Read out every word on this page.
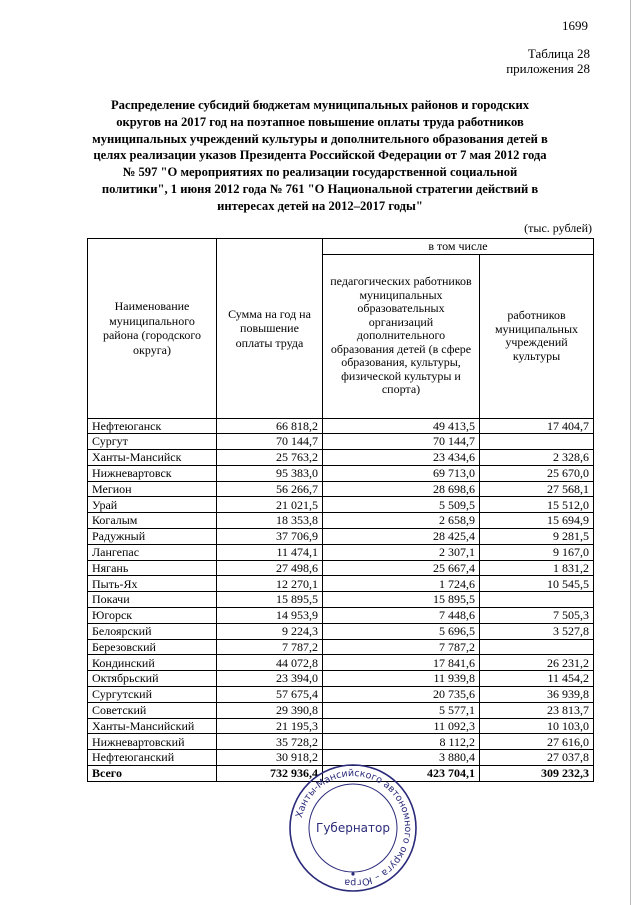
1699
Таблица 28
приложения 28
Распределение субсидий бюджетам муниципальных районов и городских округов на 2017 год на поэтапное повышение оплаты труда работников муниципальных учреждений культуры и дополнительного образования детей в целях реализации указов Президента Российской Федерации от 7 мая 2012 года № 597 "О мероприятиях по реализации государственной социальной политики", 1 июня 2012 года № 761 "О Национальной стратегии действий в интересах детей на 2012–2017 годы"
(тыс. рублей)
Наименование муниципального района (городского округа)	Сумма на год на повышение оплаты труда	в том числе	
		педагогических работников муниципальных образовательных организаций дополнительного образования детей (в сфере образования, культуры, физической культуры и спорта)	работников муниципальных учреждений культуры
Нефтеюганск	66 818,2	49 413,5	17 404,7
Сургут	70 144,7	70 144,7	
Ханты-Мансийск	25 763,2	23 434,6	2 328,6
Нижневартовск	95 383,0	69 713,0	25 670,0
Мегион	56 266,7	28 698,6	27 568,1
Урай	21 021,5	5 509,5	15 512,0
Когалым	18 353,8	2 658,9	15 694,9
Радужный	37 706,9	28 425,4	9 281,5
Лангепас	11 474,1	2 307,1	9 167,0
Нягань	27 498,6	25 667,4	1 831,2
Пыть-Ях	12 270,1	1 724,6	10 545,5
Покачи	15 895,5	15 895,5	
Югорск	14 953,9	7 448,6	7 505,3
Белоярский	9 224,3	5 696,5	3 527,8
Березовский	7 787,2	7 787,2	
Кондинский	44 072,8	17 841,6	26 231,2
Октябрьский	23 394,0	11 939,8	11 454,2
Сургутский	57 675,4	20 735,6	36 939,8
Советский	29 390,8	5 577,1	23 813,7
Ханты-Мансийский	21 195,3	11 092,3	10 103,0
Нижневартовский	35 728,2	8 112,2	27 616,0
Нефтеюганский	30 918,2	3 880,4	27 037,8
Всего	732 936,4	423 704,1	309 232,3
Ханты-Мансийского автономного округа – Югра
Губернатор
